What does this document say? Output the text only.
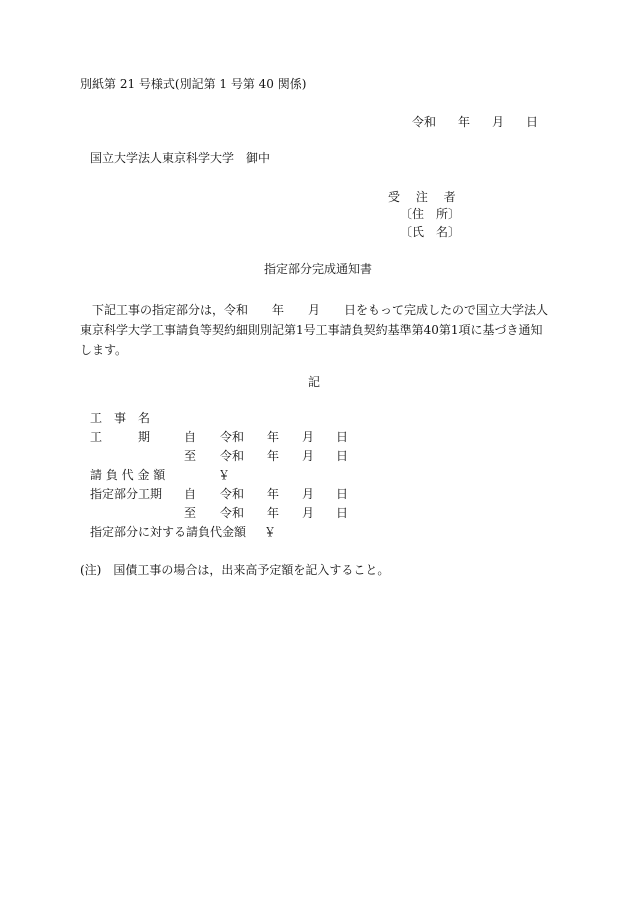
別紙第 21 号様式(別記第 1 号第 40 関係)
令和 年 月 日
国立大学法人東京科学大学　御中
受 注 者
〔住　所〕
〔氏　名〕
指定部分完成通知書
下記工事の指定部分は，令和　　年　　月　　日をもって完成したので国立大学法人東京科学大学工事請負等契約細則別記第1号工事請負契約基準第40第1項に基づき通知します。
記
工　事　名
工　　　期	自 令和 年 月 日
至 令和 年 月 日
請 負 代 金 額	￥
指定部分工期 自 令和 年 月 日
至 令和 年 月 日
指定部分に対する請負代金額 ￥
(注)　国債工事の場合は，出来高予定額を記入すること。
